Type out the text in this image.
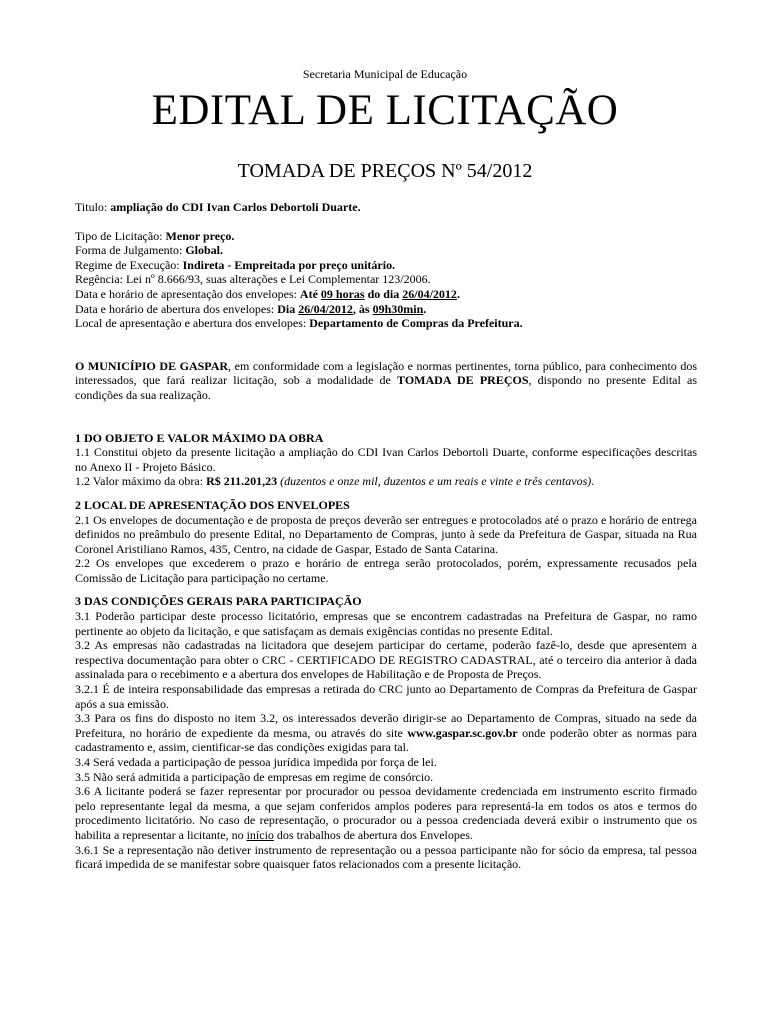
Secretaria Municipal de Educação
EDITAL DE LICITAÇÃO
TOMADA DE PREÇOS Nº 54/2012

Titulo: ampliação do CDI Ivan Carlos Debortoli Duarte.

Tipo de Licitação: Menor preço.

Forma de Julgamento: Global.

Regime de Execução: Indireta - Empreitada por preço unitário.

Regência: Lei nº 8.666/93, suas alterações e Lei Complementar 123/2006.

Data e horário de apresentação dos envelopes: Até 09 horas do dia 26/04/2012.

Data e horário de abertura dos envelopes: Dia 26/04/2012, às 09h30min.

Local de apresentação e abertura dos envelopes: Departamento de Compras da Prefeitura.

O MUNICÍPIO DE GASPAR, em conformidade com a legislação e normas pertinentes, torna público, para conhecimento dos interessados, que fará realizar licitação, sob a modalidade de TOMADA DE PREÇOS, dispondo no presente Edital as condições da sua realização.

1 DO OBJETO E VALOR MÁXIMO DA OBRA

1.1 Constitui objeto da presente licitação a ampliação do CDI Ivan Carlos Debortoli Duarte, conforme especificações descritas no Anexo II - Projeto Básico.

1.2 Valor máximo da obra: R$ 211.201,23 (duzentos e onze mil, duzentos e um reais e vinte e três centavos).

2 LOCAL DE APRESENTAÇÃO DOS ENVELOPES

2.1 Os envelopes de documentação e de proposta de preços deverão ser entregues e protocolados até o prazo e horário de entrega definidos no preâmbulo do presente Edital, no Departamento de Compras, junto à sede da Prefeitura de Gaspar, situada na Rua Coronel Aristiliano Ramos, 435, Centro, na cidade de Gaspar, Estado de Santa Catarina.

2.2 Os envelopes que excederem o prazo e horário de entrega serão protocolados, porém, expressamente recusados pela Comissão de Licitação para participação no certame.

3 DAS CONDIÇÕES GERAIS PARA PARTICIPAÇÃO

3.1 Poderão participar deste processo licitatório, empresas que se encontrem cadastradas na Prefeitura de Gaspar, no ramo pertinente ao objeto da licitação, e que satisfaçam as demais exigências contidas no presente Edital.

3.2 As empresas não cadastradas na licitadora que desejem participar do certame, poderão fazê-lo, desde que apresentem a respectiva documentação para obter o CRC - CERTIFICADO DE REGISTRO CADASTRAL, até o terceiro dia anterior à dada assinalada para o recebimento e a abertura dos envelopes de Habilitação e de Proposta de Preços.

3.2.1 É de inteira responsabilidade das empresas a retirada do CRC junto ao Departamento de Compras da Prefeitura de Gaspar após a sua emissão.

3.3 Para os fins do disposto no item 3.2, os interessados deverão dirigir-se ao Departamento de Compras, situado na sede da Prefeitura, no horário de expediente da mesma, ou através do site www.gaspar.sc.gov.br onde poderão obter as normas para cadastramento e, assim, cientificar-se das condições exigidas para tal.

3.4 Será vedada a participação de pessoa jurídica impedida por força de lei.

3.5 Não será admitida a participação de empresas em regime de consórcio.

3.6 A licitante poderá se fazer representar por procurador ou pessoa devidamente credenciada em instrumento escrito firmado pelo representante legal da mesma, a que sejam conferidos amplos poderes para representá-la em todos os atos e termos do procedimento licitatório. No caso de representação, o procurador ou a pessoa credenciada deverá exibir o instrumento que os habilita a representar a licitante, no início dos trabalhos de abertura dos Envelopes.

3.6.1 Se a representação não detiver instrumento de representação ou a pessoa participante não for sócio da empresa, tal pessoa ficará impedida de se manifestar sobre quaisquer fatos relacionados com a presente licitação.
